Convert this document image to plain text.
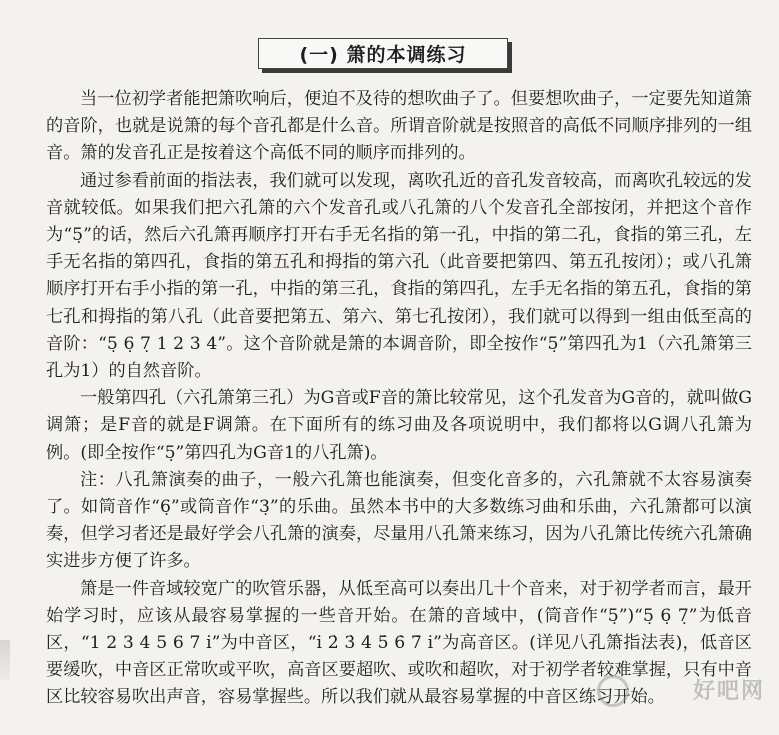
(一) 箫的本调练习

当一位初学者能把箫吹响后，便迫不及待的想吹曲子了。但要想吹曲子，一定要先知道箫的音阶，也就是说箫的每个音孔都是什么音。所谓音阶就是按照音的高低不同顺序排列的一组音。箫的发音孔正是按着这个高低不同的顺序而排列的。

通过参看前面的指法表，我们就可以发现，离吹孔近的音孔发音较高，而离吹孔较远的发音就较低。如果我们把六孔箫的六个发音孔或八孔箫的八个发音孔全部按闭，并把这个音作为“5̣”的话，然后六孔箫再顺序打开右手无名指的第一孔，中指的第二孔，食指的第三孔，左手无名指的第四孔，食指的第五孔和拇指的第六孔（此音要把第四、第五孔按闭）；或八孔箫顺序打开右手小指的第一孔，中指的第三孔，食指的第四孔，左手无名指的第五孔，食指的第七孔和拇指的第八孔（此音要把第五、第六、第七孔按闭），我们就可以得到一组由低至高的音阶：“5̣ 6̣ 7̣ 1 2 3 4”。这个音阶就是箫的本调音阶，即全按作“5̣”第四孔为1（六孔箫第三孔为1）的自然音阶。

一般第四孔（六孔箫第三孔）为G音或F音的箫比较常见，这个孔发音为G音的，就叫做G调箫；是F音的就是F调箫。在下面所有的练习曲及各项说明中，我们都将以G调八孔箫为例。(即全按作“5̣”第四孔为G音1的八孔箫)。

注：八孔箫演奏的曲子，一般六孔箫也能演奏，但变化音多的，六孔箫就不太容易演奏了。如筒音作“6̣”或筒音作“3̣”的乐曲。虽然本书中的大多数练习曲和乐曲，六孔箫都可以演奏，但学习者还是最好学会八孔箫的演奏，尽量用八孔箫来练习，因为八孔箫比传统六孔箫确实进步方便了许多。

箫是一件音域较宽广的吹管乐器，从低至高可以奏出几十个音来，对于初学者而言，最开始学习时，应该从最容易掌握的一些音开始。在箫的音域中，(筒音作“5̣”)“5̣ 6̣ 7̣”为低音区，“1 2 3 4 5 6 7 i̇”为中音区，“i̇ 2̇ 3̇ 4̇ 5̇ 6̇ 7̇ i̇”为高音区。(详见八孔箫指法表)，低音区要缓吹，中音区正常吹或平吹，高音区要超吹、或吹和超吹，对于初学者较难掌握，只有中音区比较容易吹出声音，容易掌握些。所以我们就从最容易掌握的中音区练习开始。	好吧网
